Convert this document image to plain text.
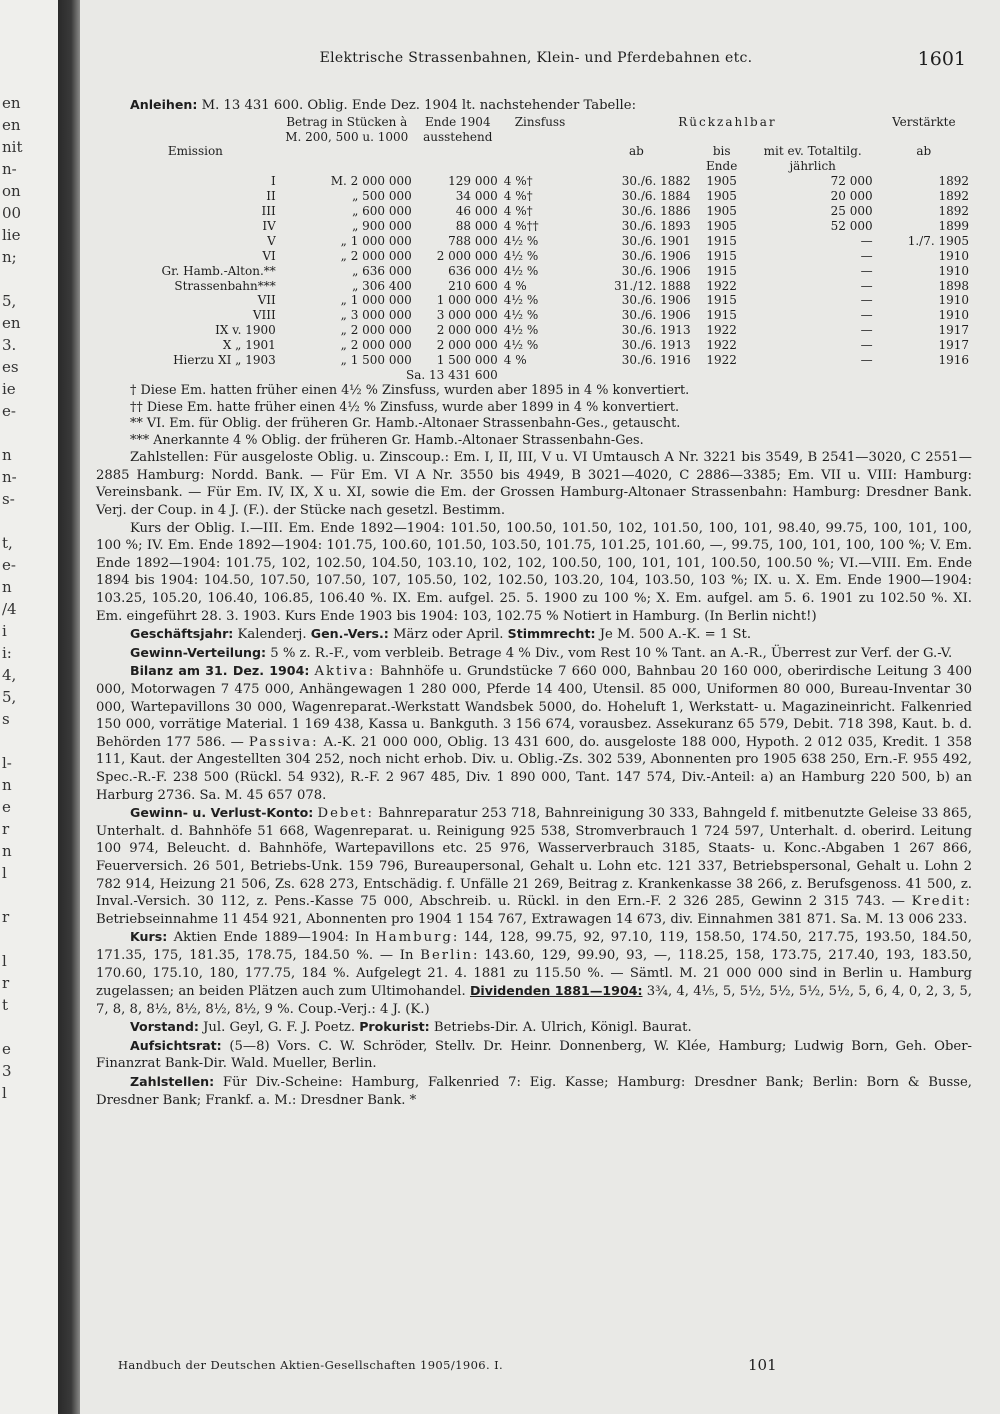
en
en
nit
n-
on
00
lie
n;
5,
en
3.
es
ie
e-
n
n-
s-
t,
e-
n
/4
i
i:
4,
5,
s
l-
n
e
r
n
l
r
l
r
t
e
3
l
Elektrische Strassenbahnen, Klein- und Pferdebahnen etc.	1601

Anleihen: M. 13 431 600. Oblig. Ende Dez. 1904 lt. nachstehender Tabelle:

	Betrag in Stücken à M. 200, 500 u. 1000	Ende 1904 ausstehend	Zinsfuss	Rückzahlbar			Verstärkte
Emission				ab	bis Ende	mit ev. Totaltilg. jährlich	ab
I	M. 2 000 000	129 000	4 %†	30./6. 1882	1905	72 000	1892
II	„ 500 000	34 000	4 %†	30./6. 1884	1905	20 000	1892
III	„ 600 000	46 000	4 %†	30./6. 1886	1905	25 000	1892
IV	„ 900 000	88 000	4 %††	30./6. 1893	1905	52 000	1899
V	„ 1 000 000	788 000	4½ %	30./6. 1901	1915	—	1./7. 1905
VI	„ 2 000 000	2 000 000	4½ %	30./6. 1906	1915	—	1910
Gr. Hamb.-Alton.**	„ 636 000	636 000	4½ %	30./6. 1906	1915	—	1910
Strassenbahn***	„ 306 400	210 600	4 %	31./12. 1888	1922	—	1898
VII	„ 1 000 000	1 000 000	4½ %	30./6. 1906	1915	—	1910
VIII	„ 3 000 000	3 000 000	4½ %	30./6. 1906	1915	—	1910
IX v. 1900	„ 2 000 000	2 000 000	4½ %	30./6. 1913	1922	—	1917
X „ 1901	„ 2 000 000	2 000 000	4½ %	30./6. 1913	1922	—	1917
Hierzu XI „ 1903	„ 1 500 000	1 500 000	4 %	30./6. 1916	1922	—	1916
	Sa. 13 431 600						

† Diese Em. hatten früher einen 4½ % Zinsfuss, wurden aber 1895 in 4 % konvertiert.

†† Diese Em. hatte früher einen 4½ % Zinsfuss, wurde aber 1899 in 4 % konvertiert.

** VI. Em. für Oblig. der früheren Gr. Hamb.-Altonaer Strassenbahn-Ges., getauscht.

*** Anerkannte 4 % Oblig. der früheren Gr. Hamb.-Altonaer Strassenbahn-Ges.

Zahlstellen: Für ausgeloste Oblig. u. Zinscoup.: Em. I, II, III, V u. VI Umtausch A Nr. 3221 bis 3549, B 2541—3020, C 2551—2885 Hamburg: Nordd. Bank. — Für Em. VI A Nr. 3550 bis 4949, B 3021—4020, C 2886—3385; Em. VII u. VIII: Hamburg: Vereinsbank. — Für Em. IV, IX, X u. XI, sowie die Em. der Grossen Hamburg-Altonaer Strassenbahn: Hamburg: Dresdner Bank. Verj. der Coup. in 4 J. (F.). der Stücke nach gesetzl. Bestimm.

Kurs der Oblig. I.—III. Em. Ende 1892—1904: 101.50, 100.50, 101.50, 102, 101.50, 100, 101, 98.40, 99.75, 100, 101, 100, 100 %; IV. Em. Ende 1892—1904: 101.75, 100.60, 101.50, 103.50, 101.75, 101.25, 101.60, —, 99.75, 100, 101, 100, 100 %; V. Em. Ende 1892—1904: 101.75, 102, 102.50, 104.50, 103.10, 102, 102, 100.50, 100, 101, 101, 100.50, 100.50 %; VI.—VIII. Em. Ende 1894 bis 1904: 104.50, 107.50, 107.50, 107, 105.50, 102, 102.50, 103.20, 104, 103.50, 103 %; IX. u. X. Em. Ende 1900—1904: 103.25, 105.20, 106.40, 106.85, 106.40 %. IX. Em. aufgel. 25. 5. 1900 zu 100 %; X. Em. aufgel. am 5. 6. 1901 zu 102.50 %. XI. Em. eingeführt 28. 3. 1903. Kurs Ende 1903 bis 1904: 103, 102.75 % Notiert in Hamburg. (In Berlin nicht!)

Geschäftsjahr: Kalenderj. Gen.-Vers.: März oder April. Stimmrecht: Je M. 500 A.-K. = 1 St.

Gewinn-Verteilung: 5 % z. R.-F., vom verbleib. Betrage 4 % Div., vom Rest 10 % Tant. an A.-R., Überrest zur Verf. der G.-V.

Bilanz am 31. Dez. 1904: Aktiva: Bahnhöfe u. Grundstücke 7 660 000, Bahnbau 20 160 000, oberirdische Leitung 3 400 000, Motorwagen 7 475 000, Anhängewagen 1 280 000, Pferde 14 400, Utensil. 85 000, Uniformen 80 000, Bureau-Inventar 30 000, Wartepavillons 30 000, Wagenreparat.-Werkstatt Wandsbek 5000, do. Hoheluft 1, Werkstatt- u. Magazineinricht. Falkenried 150 000, vorrätige Material. 1 169 438, Kassa u. Bankguth. 3 156 674, vorausbez. Assekuranz 65 579, Debit. 718 398, Kaut. b. d. Behörden 177 586. — Passiva: A.-K. 21 000 000, Oblig. 13 431 600, do. ausgeloste 188 000, Hypoth. 2 012 035, Kredit. 1 358 111, Kaut. der Angestellten 304 252, noch nicht erhob. Div. u. Oblig.-Zs. 302 539, Abonnenten pro 1905 638 250, Ern.-F. 955 492, Spec.-R.-F. 238 500 (Rückl. 54 932), R.-F. 2 967 485, Div. 1 890 000, Tant. 147 574, Div.-Anteil: a) an Hamburg 220 500, b) an Harburg 2736. Sa. M. 45 657 078.

Gewinn- u. Verlust-Konto: Debet: Bahnreparatur 253 718, Bahnreinigung 30 333, Bahngeld f. mitbenutzte Geleise 33 865, Unterhalt. d. Bahnhöfe 51 668, Wagenreparat. u. Reinigung 925 538, Stromverbrauch 1 724 597, Unterhalt. d. oberird. Leitung 100 974, Beleucht. d. Bahnhöfe, Wartepavillons etc. 25 976, Wasserverbrauch 3185, Staats- u. Konc.-Abgaben 1 267 866, Feuerversich. 26 501, Betriebs-Unk. 159 796, Bureaupersonal, Gehalt u. Lohn etc. 121 337, Betriebspersonal, Gehalt u. Lohn 2 782 914, Heizung 21 506, Zs. 628 273, Entschädig. f. Unfälle 21 269, Beitrag z. Krankenkasse 38 266, z. Berufsgenoss. 41 500, z. Inval.-Versich. 30 112, z. Pens.-Kasse 75 000, Abschreib. u. Rückl. in den Ern.-F. 2 326 285, Gewinn 2 315 743. — Kredit: Betriebseinnahme 11 454 921, Abonnenten pro 1904 1 154 767, Extrawagen 14 673, div. Einnahmen 381 871. Sa. M. 13 006 233.

Kurs: Aktien Ende 1889—1904: In Hamburg: 144, 128, 99.75, 92, 97.10, 119, 158.50, 174.50, 217.75, 193.50, 184.50, 171.35, 175, 181.35, 178.75, 184.50 %. — In Berlin: 143.60, 129, 99.90, 93, —, 118.25, 158, 173.75, 217.40, 193, 183.50, 170.60, 175.10, 180, 177.75, 184 %. Aufgelegt 21. 4. 1881 zu 115.50 %. — Sämtl. M. 21 000 000 sind in Berlin u. Hamburg zugelassen; an beiden Plätzen auch zum Ultimohandel. Dividenden 1881—1904: 3¾, 4, 4⅕, 5, 5½, 5½, 5½, 5½, 5, 6, 4, 0, 2, 3, 5, 7, 8, 8, 8½, 8½, 8½, 8½, 9 %. Coup.-Verj.: 4 J. (K.)

Vorstand: Jul. Geyl, G. F. J. Poetz. Prokurist: Betriebs-Dir. A. Ulrich, Königl. Baurat.

Aufsichtsrat: (5—8) Vors. C. W. Schröder, Stellv. Dr. Heinr. Donnenberg, W. Klée, Hamburg; Ludwig Born, Geh. Ober-Finanzrat Bank-Dir. Wald. Mueller, Berlin.

Zahlstellen: Für Div.-Scheine: Hamburg, Falkenried 7: Eig. Kasse; Hamburg: Dresdner Bank; Berlin: Born & Busse, Dresdner Bank; Frankf. a. M.: Dresdner Bank. *

Handbuch der Deutschen Aktien-Gesellschaften 1905/1906. I.	101
